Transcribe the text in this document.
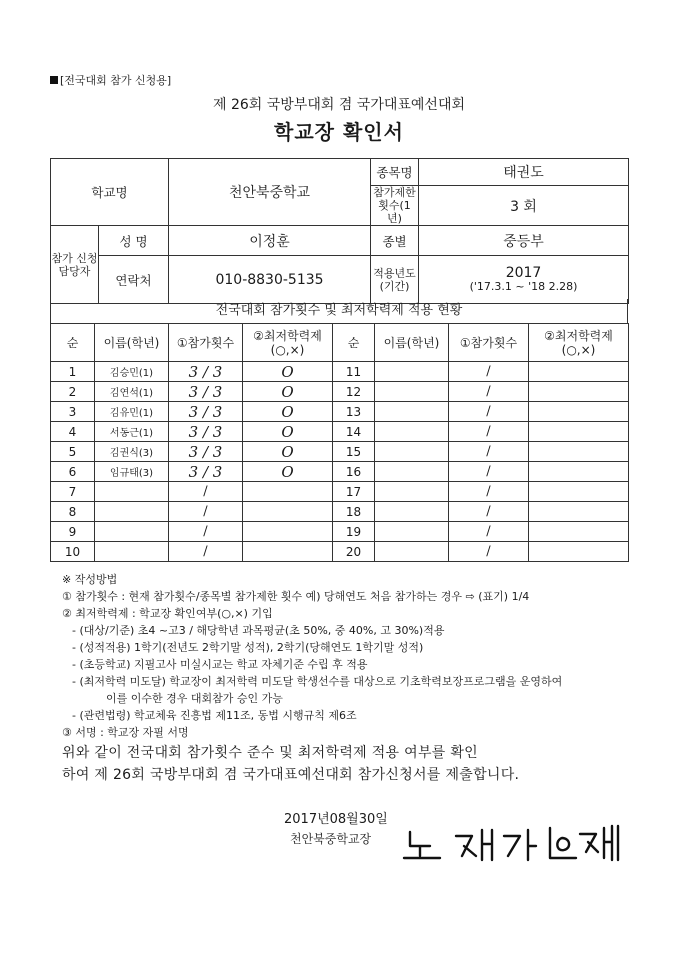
[전국대회 참가 신청용]
제 26회 국방부대회 겸 국가대표예선대회
학교장 확인서
학교명		천안북중학교	종목명	태권도
			참가제한 횟수(1년)	3 회
참가 신청 담당자	성 명	이정훈	종별	중등부
	연락처	010-8830-5135	적용년도 (기간)	2017
('17.3.1 ~ '18 2.28)
전국대회 참가횟수 및 최저학력제 적용 현황
순	이름(학년)	①참가횟수	②최저학력제 (○,×)	순	이름(학년)	①참가횟수	②최저학력제 (○,×)
1	김승민(1)	3 / 3	O	11		/	
2	김연석(1)	3 / 3	O	12		/	
3	김유민(1)	3 / 3	O	13		/	
4	서동근(1)	3 / 3	O	14		/	
5	김권식(3)	3 / 3	O	15		/	
6	임규태(3)	3 / 3	O	16		/	
7		/		17		/	
8		/		18		/	
9		/		19		/	
10		/		20		/	
※ 작성방법
① 참가횟수 : 현재 참가횟수/종목별 참가제한 횟수 예) 당해연도 처음 참가하는 경우 ⇨ (표기) 1/4
② 최저학력제 : 학교장 확인여부(○,×) 기입
- (대상/기준) 초4 ~고3 / 해당학년 과목평균(초 50%, 중 40%, 고 30%)적용
- (성적적용) 1학기(전년도 2학기말 성적), 2학기(당해연도 1학기말 성적)
- (초등학교) 지필고사 미실시교는 학교 자체기준 수립 후 적용
- (최저학력 미도달) 학교장이 최저학력 미도달 학생선수를 대상으로 기초학력보장프로그램을 운영하여
이를 이수한 경우 대회참가 승인 가능
- (관련법령) 학교체육 진흥법 제11조, 동법 시행규칙 제6조
③ 서명 : 학교장 자필 서명
위와 같이 전국대회 참가횟수 준수 및 최저학력제 적용 여부를 확인
하여 제 26회 국방부대회 겸 국가대표예선대회 참가신청서를 제출합니다.
2017년08월30일
천안북중학교장
